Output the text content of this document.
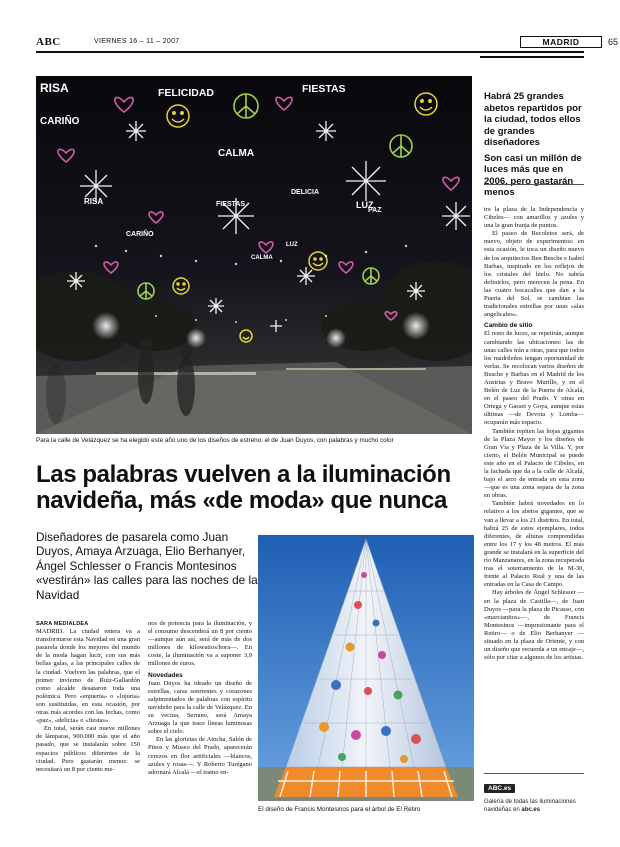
ABC	VIERNES 16 – 11 – 2007	MADRID	65
RISA	FELICIDAD	FIESTAS
CARIÑO
LUZ
CALMA
RISA
CARIÑO
DELICIA
FIESTAS
PAZ
LUZ
CALMA
Para la calle de Velázquez se ha elegido este año uno de los diseños de estreno: el de Juan Duyos, con palabras y mucho color

Habrá 25 grandes abetos repartidos por la ciudad, todos ellos de grandes diseñadores

Son casi un millón de luces más que en 2006, pero gastarán menos

tre la plaza de la Independencia y Cibeles— con amarillos y azules y una la gran franja de puntos.

El paseo de Recoletos será, de nuevo, objeto de experimentos: en esta ocasión, le toca un diseño nuevo de los arquitectos Ben Busche e Isabel Barbas, inspirado en los reflejos de los cristales del hielo. No sabría definirlos, pero merecen la pena. En las cuatro bocacalles que dan a la Puerta del Sol, se cambian las tradicionales estrellas por unas «alas angelicales».

Cambio de sitio

El resto de luces, se repetirán, aunque cambiando las ubicaciones: las de unas calles irán a otras, para que todos los madrileños tengan oportunidad de verlas. Se recolocan varios diseños de Busche y Barbas en el Madrid de los Austrias y Bravo Murillo, y en el Belén de Luz de la Puerta de Alcalá, en el paseo del Prado. Y otras en Ortega y Gasset y Goya, aunque estas últimas —de Devota y Lomba— ocuparán más espacio.

También repiten las hojas gigantes de la Plaza Mayor y los diseños de Gran Vía y Plaza de la Villa. Y, por cierto, el Belén Municipal se puede este año en el Palacio de Cibeles, en la fachada que da a la calle de Alcalá, bajo el arco de entrada en esta zona —que es una zona separa de la zona en obras.

También habrá novedades en lo relativo a los abetos gigantes, que se van a llevar a los 21 distritos. En total, habrá 25 de estos ejemplares, todos diferentes, de alturas comprendidas entre los 17 y los 48 metros. El más grande se instalará en la superficie del río Manzanares, en la zona recuperada tras el soterramiento de la M-30, frente al Palacio Real y una de las entradas en la Casa de Campo.

Hay árboles de Ángel Schlesser —en la plaza de Castilla—, de Juan Duyos —para la plaza de Picasso, con «marcianitos»—, de Francis Montesinos —impresionante para el Retiro— o de Elio Berhanyer —situado en la plaza de Oriente, y con un diseño que recuerda a un encaje—, sólo por citar a algunos de los artistas.

Las palabras vuelven a la iluminación navideña, más «de moda» que nunca

Diseñadores de pasarela como Juan Duyos, Amaya Arzuaga, Elio Berhanyer, Ángel Schlesser o Francis Montesinos «vestirán» las calles para las noches de la Navidad

SARA MEDIALDEA

MADRID. La ciudad entera va a transformarse esta Navidad en una gran pasarela donde los mejores del mundo de la moda hagan lucir, con sus más bellas galas, a las principales calles de la ciudad. Vuelven las palabras, que el primer invierno de Ruiz-Gallardón como alcalde desataron toda una polémica. Pero «enjuerta» o «lujuria» son sustituidas, en esta ocasión, por otras más acordes con las fechas, como «paz», «delicia» o «fiestas».

En total, serán casi nueve millones de lámparas, 900.000 más que el año pasado, que se instalarán sobre 150 espacios públicos diferentes de la ciudad. Pero gastarán menos: se necesitará un 8 por ciento me-

nos de potencia para la iluminación, y el consumo descenderá un 8 por ciento —aunque aún así, será de más de dos millones de kilowatios/hora—. En coste, la iluminación va a suponer 3,9 millones de euros.

Novedades

Juan Duyos ha ideado un diseño de estrellas, caras sonrientes y corazones salpimentados de palabras con espíritu navideño para la calle de Velázquez. En su vecina, Serrano, será Amaya Arzuaga la que trace líneas luminosas sobre el cielo.

En las glorietas de Atocha, Salón de Pinos y Museo del Prado, aparecerán cerezos en flor artificiales —blancos, azules y rosas—. Y Roberto Turégano adornará Alcalá —el tramo en-

El diseño de Francis Montesinos para el árbol de El Retiro
ABC.es
Galería de todas las iluminaciones navideñas en abc.es
